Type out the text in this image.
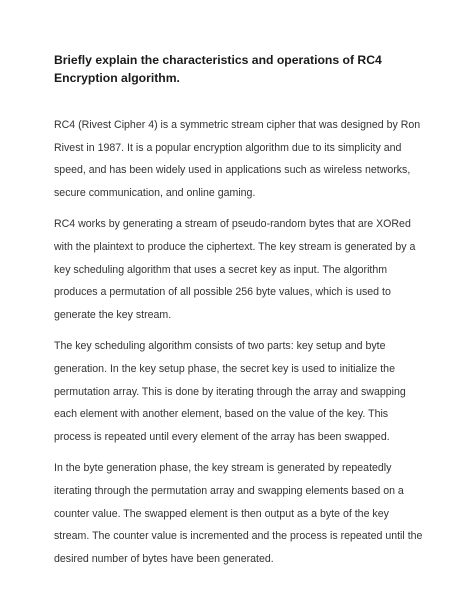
Briefly explain the characteristics and operations of RC4 Encryption algorithm.

RC4 (Rivest Cipher 4) is a symmetric stream cipher that was designed by Ron Rivest in 1987. It is a popular encryption algorithm due to its simplicity and speed, and has been widely used in applications such as wireless networks, secure communication, and online gaming.

RC4 works by generating a stream of pseudo-random bytes that are XORed with the plaintext to produce the ciphertext. The key stream is generated by a key scheduling algorithm that uses a secret key as input. The algorithm produces a permutation of all possible 256 byte values, which is used to generate the key stream.

The key scheduling algorithm consists of two parts: key setup and byte generation. In the key setup phase, the secret key is used to initialize the permutation array. This is done by iterating through the array and swapping each element with another element, based on the value of the key. This process is repeated until every element of the array has been swapped.

In the byte generation phase, the key stream is generated by repeatedly iterating through the permutation array and swapping elements based on a counter value. The swapped element is then output as a byte of the key stream. The counter value is incremented and the process is repeated until the desired number of bytes have been generated.
